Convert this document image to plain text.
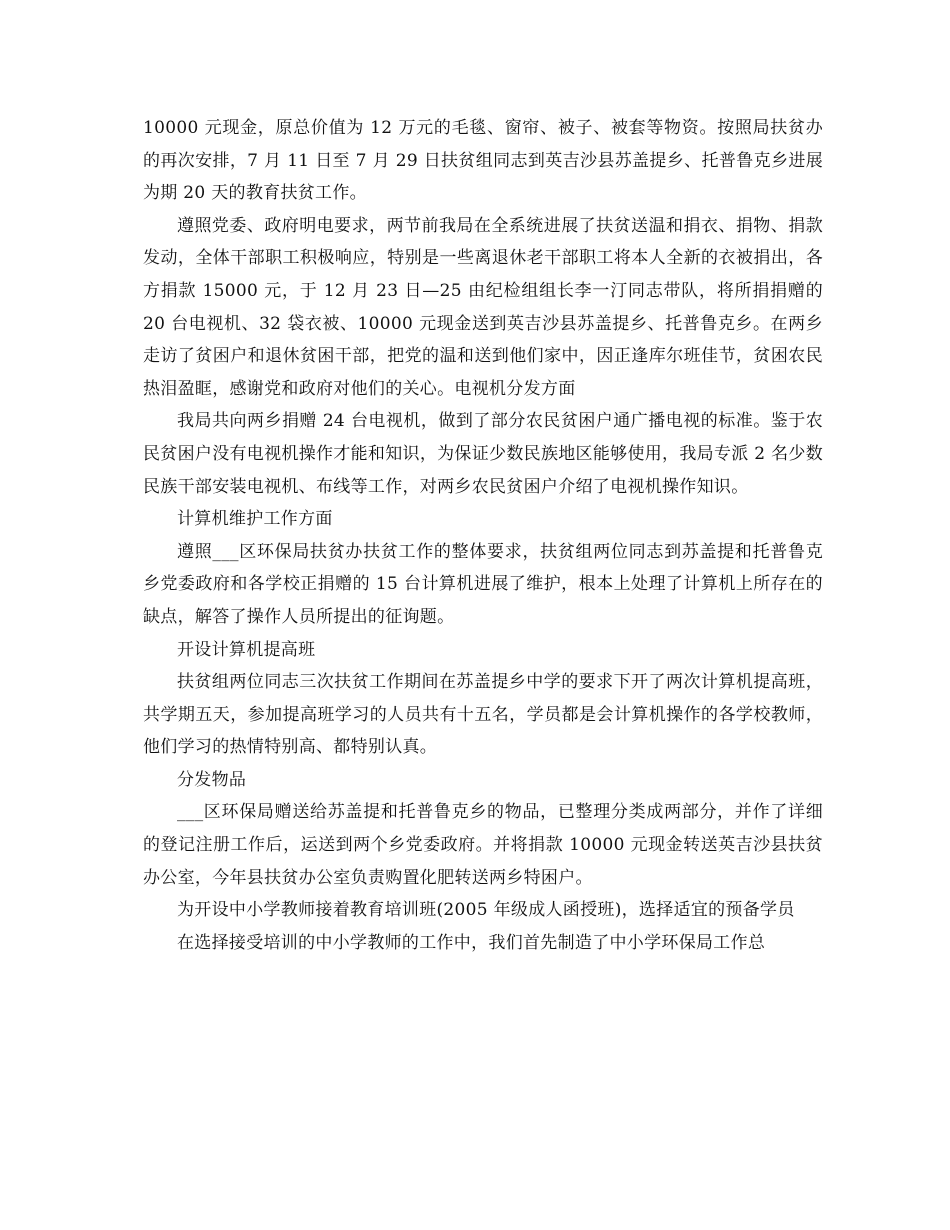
10000 元现金，原总价值为 12 万元的毛毯、窗帘、被子、被套等物资。按照局扶贫办的再次安排，7 月 11 日至 7 月 29 日扶贫组同志到英吉沙县苏盖提乡、托普鲁克乡进展为期 20 天的教育扶贫工作。

遵照党委、政府明电要求，两节前我局在全系统进展了扶贫送温和捐衣、捐物、捐款发动，全体干部职工积极响应，特别是一些离退休老干部职工将本人全新的衣被捐出，各方捐款 15000 元，于 12 月 23 日—25 由纪检组组长李一汀同志带队，将所捐捐赠的 20 台电视机、32 袋衣被、10000 元现金送到英吉沙县苏盖提乡、托普鲁克乡。在两乡走访了贫困户和退休贫困干部，把党的温和送到他们家中，因正逢库尔班佳节，贫困农民热泪盈眶，感谢党和政府对他们的关心。电视机分发方面

我局共向两乡捐赠 24 台电视机，做到了部分农民贫困户通广播电视的标准。鉴于农民贫困户没有电视机操作才能和知识，为保证少数民族地区能够使用，我局专派 2 名少数民族干部安装电视机、布线等工作，对两乡农民贫困户介绍了电视机操作知识。

计算机维护工作方面

遵照___区环保局扶贫办扶贫工作的整体要求，扶贫组两位同志到苏盖提和托普鲁克乡党委政府和各学校正捐赠的 15 台计算机进展了维护，根本上处理了计算机上所存在的缺点，解答了操作人员所提出的征询题。

开设计算机提高班

扶贫组两位同志三次扶贫工作期间在苏盖提乡中学的要求下开了两次计算机提高班，共学期五天，参加提高班学习的人员共有十五名，学员都是会计算机操作的各学校教师，他们学习的热情特别高、都特别认真。

分发物品

___区环保局赠送给苏盖提和托普鲁克乡的物品，已整理分类成两部分，并作了详细的登记注册工作后，运送到两个乡党委政府。并将捐款 10000 元现金转送英吉沙县扶贫办公室，今年县扶贫办公室负责购置化肥转送两乡特困户。

为开设中小学教师接着教育培训班(2005 年级成人函授班)，选择适宜的预备学员

在选择接受培训的中小学教师的工作中，我们首先制造了中小学环保局工作总
